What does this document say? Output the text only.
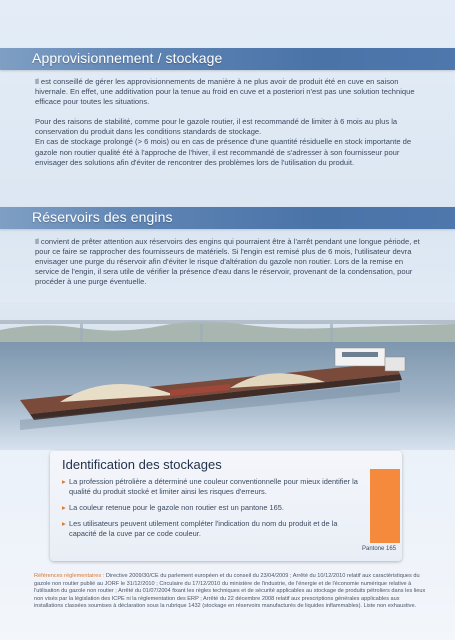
Approvisionnement / stockage

Il est conseillé de gérer les approvisionnements de manière à ne plus avoir de produit été en cuve en saison hivernale. En effet, une additivation pour la tenue au froid en cuve et a posteriori n'est pas une solution technique efficace pour toutes les situations.

Pour des raisons de stabilité, comme pour le gazole routier, il est recommandé de limiter à 6 mois au plus la conservation du produit dans les conditions standards de stockage.

En cas de stockage prolongé (> 6 mois) ou en cas de présence d'une quantité résiduelle en stock importante de gazole non routier qualité été à l'approche de l'hiver, il est recommandé de s'adresser à son fournisseur pour envisager des solutions afin d'éviter de rencontrer des problèmes lors de l'utilisation du produit.

Réservoirs des engins

Il convient de prêter attention aux réservoirs des engins qui pourraient être à l'arrêt pendant une longue période, et pour ce faire se rapprocher des fournisseurs de matériels. Si l'engin est remisé plus de 6 mois, l'utilisateur devra envisager une purge du réservoir afin d'éviter le risque d'altération du gazole non routier. Lors de la remise en service de l'engin, il sera utile de vérifier la présence d'eau dans le réservoir, provenant de la condensation, pour procéder à une purge éventuelle.

Identification des stockages
▸ La profession pétrolière a déterminé une couleur conventionnelle pour mieux identifier la qualité du produit stocké et limiter ainsi les risques d'erreurs.
▸ La couleur retenue pour le gazole non routier est un pantone 165.
▸ Les utilisateurs peuvent utilement compléter l'indication du nom du produit et de la capacité de la cuve par ce code couleur.
Pantone 165
Références réglementaires : Directive 2009/30/CE du parlement européen et du conseil du 23/04/2009 ; Arrêté du 10/12/2010 relatif aux caractéristiques du gazole non routier publié au JORF le 31/12/2010 ; Circulaire du 17/12/2010 du ministère de l'industrie, de l'énergie et de l'économie numérique relative à l'utilisation du gazole non routier ; Arrêté du 01/07/2004 fixant les règles techniques et de sécurité applicables au stockage de produits pétroliers dans les lieux non visés par la législation des ICPE ni la réglementation des ERP ; Arrêté du 22 décembre 2008 relatif aux prescriptions générales applicables aux installations classées soumises à déclaration sous la rubrique 1432 (stockage en réservoirs manufacturés de liquides inflammables). Liste non exhaustive.
